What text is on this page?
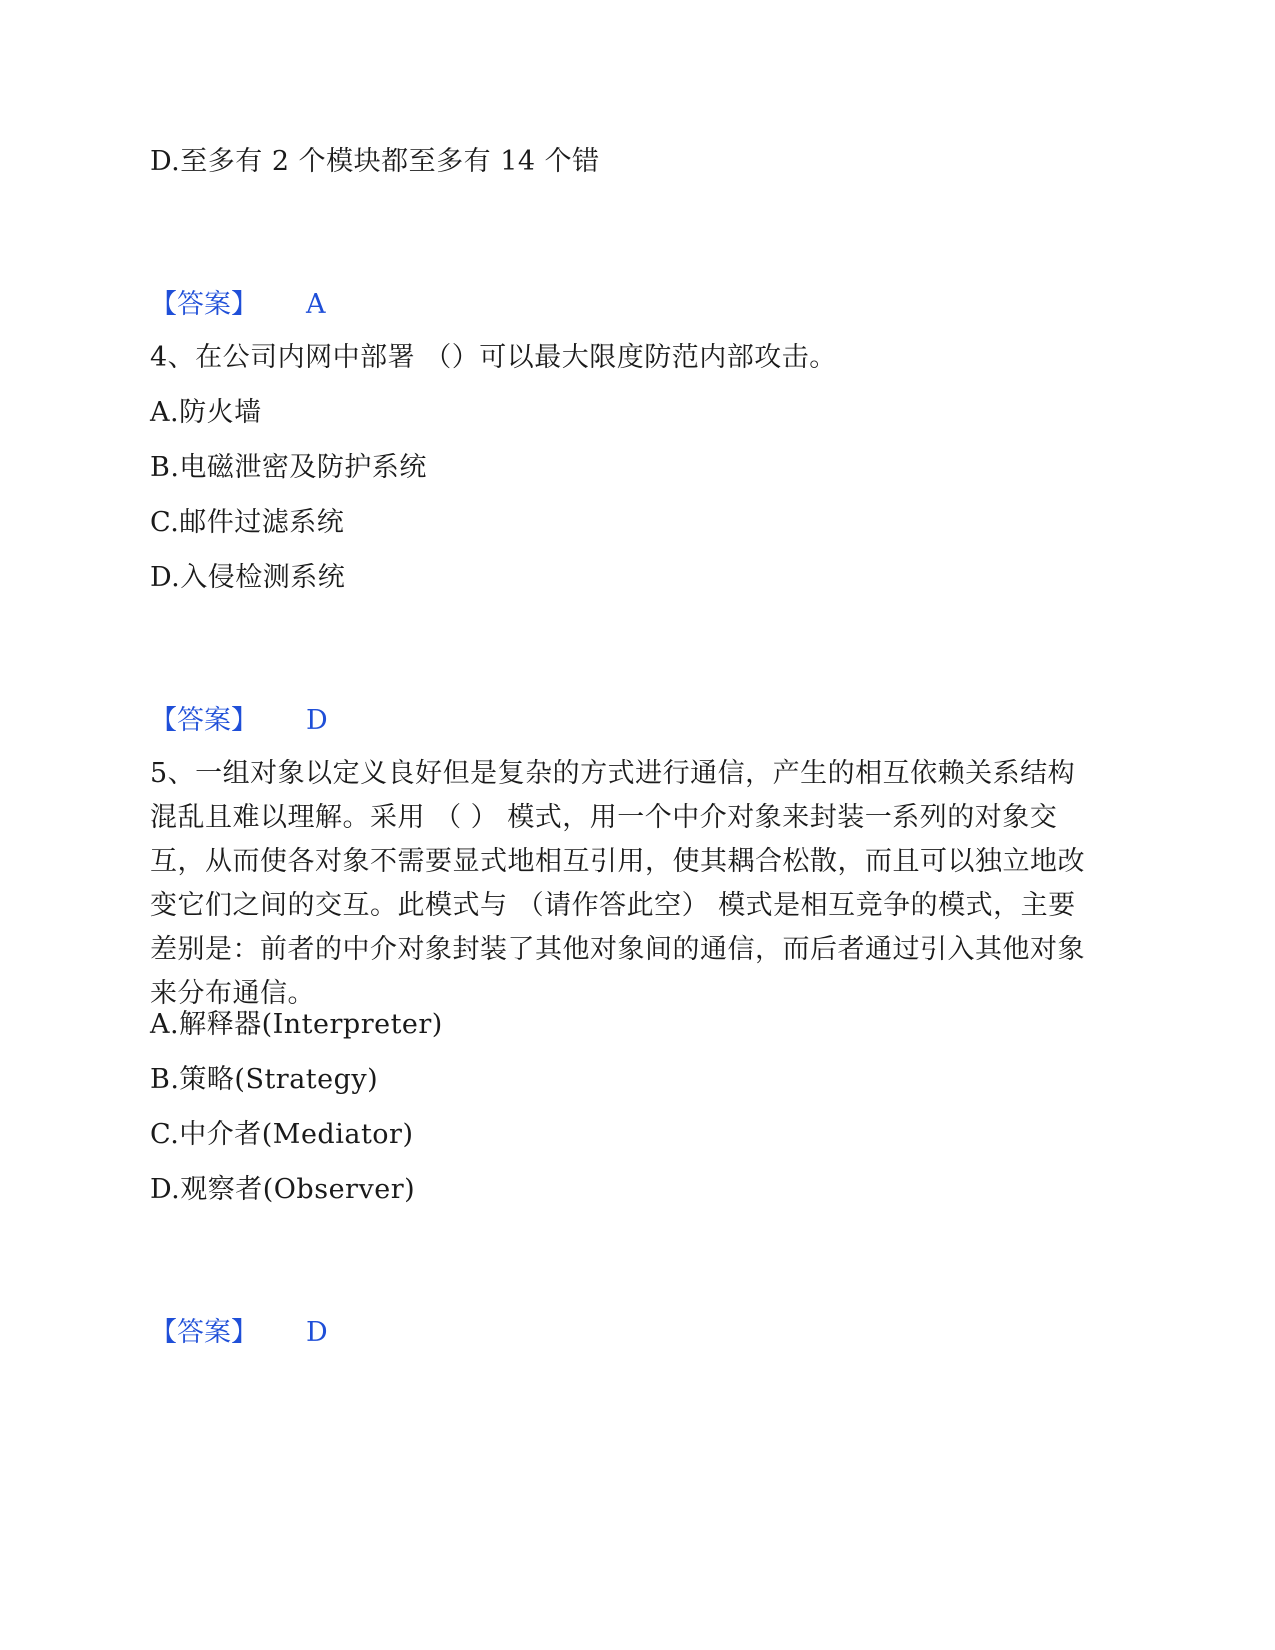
D.至多有 2 个模块都至多有 14 个错
【答案】 A
4、在公司内网中部署 （）可以最大限度防范内部攻击。
A.防火墙
B.电磁泄密及防护系统
C.邮件过滤系统
D.入侵检测系统
【答案】 D
5、一组对象以定义良好但是复杂的方式进行通信，产生的相互依赖关系结构混乱且难以理解。采用 （ ） 模式，用一个中介对象来封装一系列的对象交互，从而使各对象不需要显式地相互引用，使其耦合松散，而且可以独立地改变它们之间的交互。此模式与 （请作答此空） 模式是相互竞争的模式，主要差别是：前者的中介对象封装了其他对象间的通信，而后者通过引入其他对象来分布通信。
A.解释器(Interpreter)
B.策略(Strategy)
C.中介者(Mediator)
D.观察者(Observer)
【答案】 D
